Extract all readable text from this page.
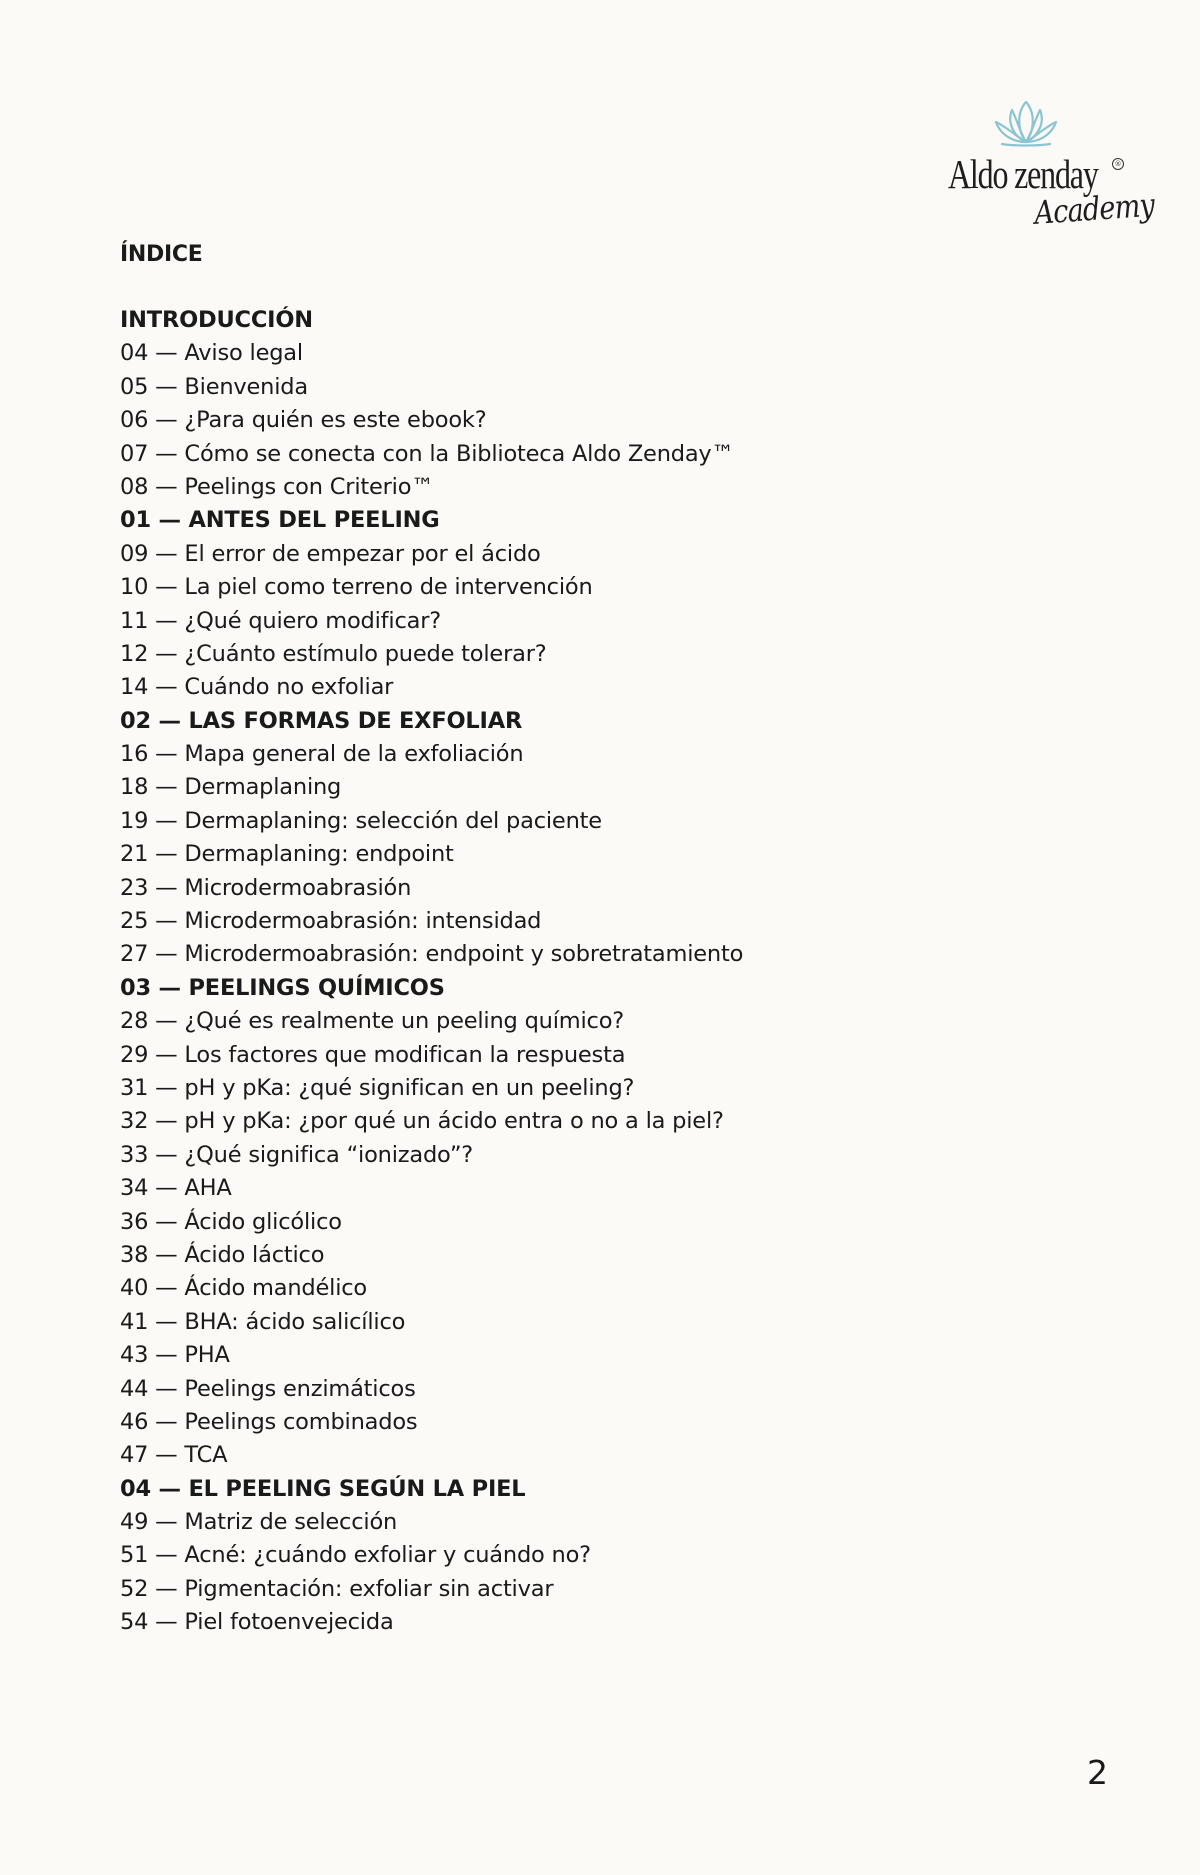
Aldo zenday	®
Academy
ÍNDICE
INTRODUCCIÓN
04 — Aviso legal
05 — Bienvenida
06 — ¿Para quién es este ebook?
07 — Cómo se conecta con la Biblioteca Aldo Zenday™
08 — Peelings con Criterio™
01 — ANTES DEL PEELING
09 — El error de empezar por el ácido
10 — La piel como terreno de intervención
11 — ¿Qué quiero modificar?
12 — ¿Cuánto estímulo puede tolerar?
14 — Cuándo no exfoliar
02 — LAS FORMAS DE EXFOLIAR
16 — Mapa general de la exfoliación
18 — Dermaplaning
19 — Dermaplaning: selección del paciente
21 — Dermaplaning: endpoint
23 — Microdermoabrasión
25 — Microdermoabrasión: intensidad
27 — Microdermoabrasión: endpoint y sobretratamiento
03 — PEELINGS QUÍMICOS
28 — ¿Qué es realmente un peeling químico?
29 — Los factores que modifican la respuesta
31 — pH y pKa: ¿qué significan en un peeling?
32 — pH y pKa: ¿por qué un ácido entra o no a la piel?
33 — ¿Qué significa “ionizado”?
34 — AHA
36 — Ácido glicólico
38 — Ácido láctico
40 — Ácido mandélico
41 — BHA: ácido salicílico
43 — PHA
44 — Peelings enzimáticos
46 — Peelings combinados
47 — TCA
04 — EL PEELING SEGÚN LA PIEL
49 — Matriz de selección
51 — Acné: ¿cuándo exfoliar y cuándo no?
52 — Pigmentación: exfoliar sin activar
54 — Piel fotoenvejecida
2
